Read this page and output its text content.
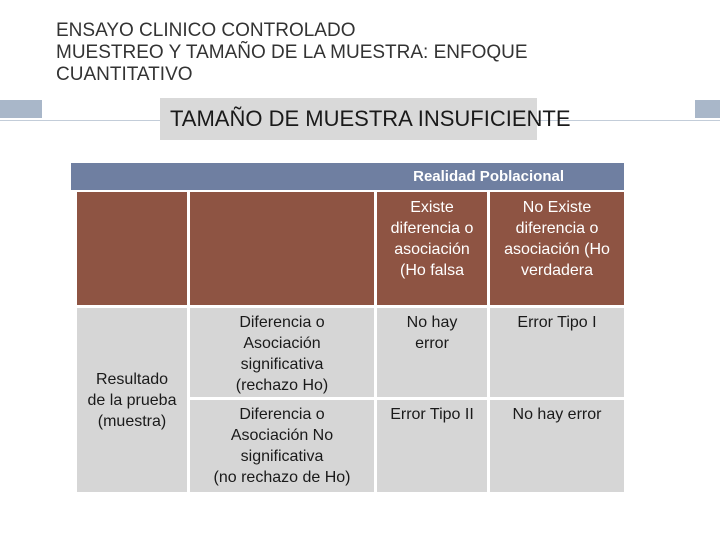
ENSAYO CLINICO CONTROLADO
MUESTREO Y TAMAÑO DE LA MUESTRA: ENFOQUE
CUANTITATIVO
TAMAÑO DE MUESTRA INSUFICIENTE
Realidad Poblacional
Existe
diferencia o
asociación
(Ho falsa
No Existe
diferencia o
asociación (Ho
verdadera
Resultado
de la prueba
(muestra)
Diferencia o
Asociación
significativa
(rechazo Ho)
No hay
error
Error Tipo I
Diferencia o
Asociación No
significativa
(no rechazo de Ho)
Error Tipo II	No hay error
